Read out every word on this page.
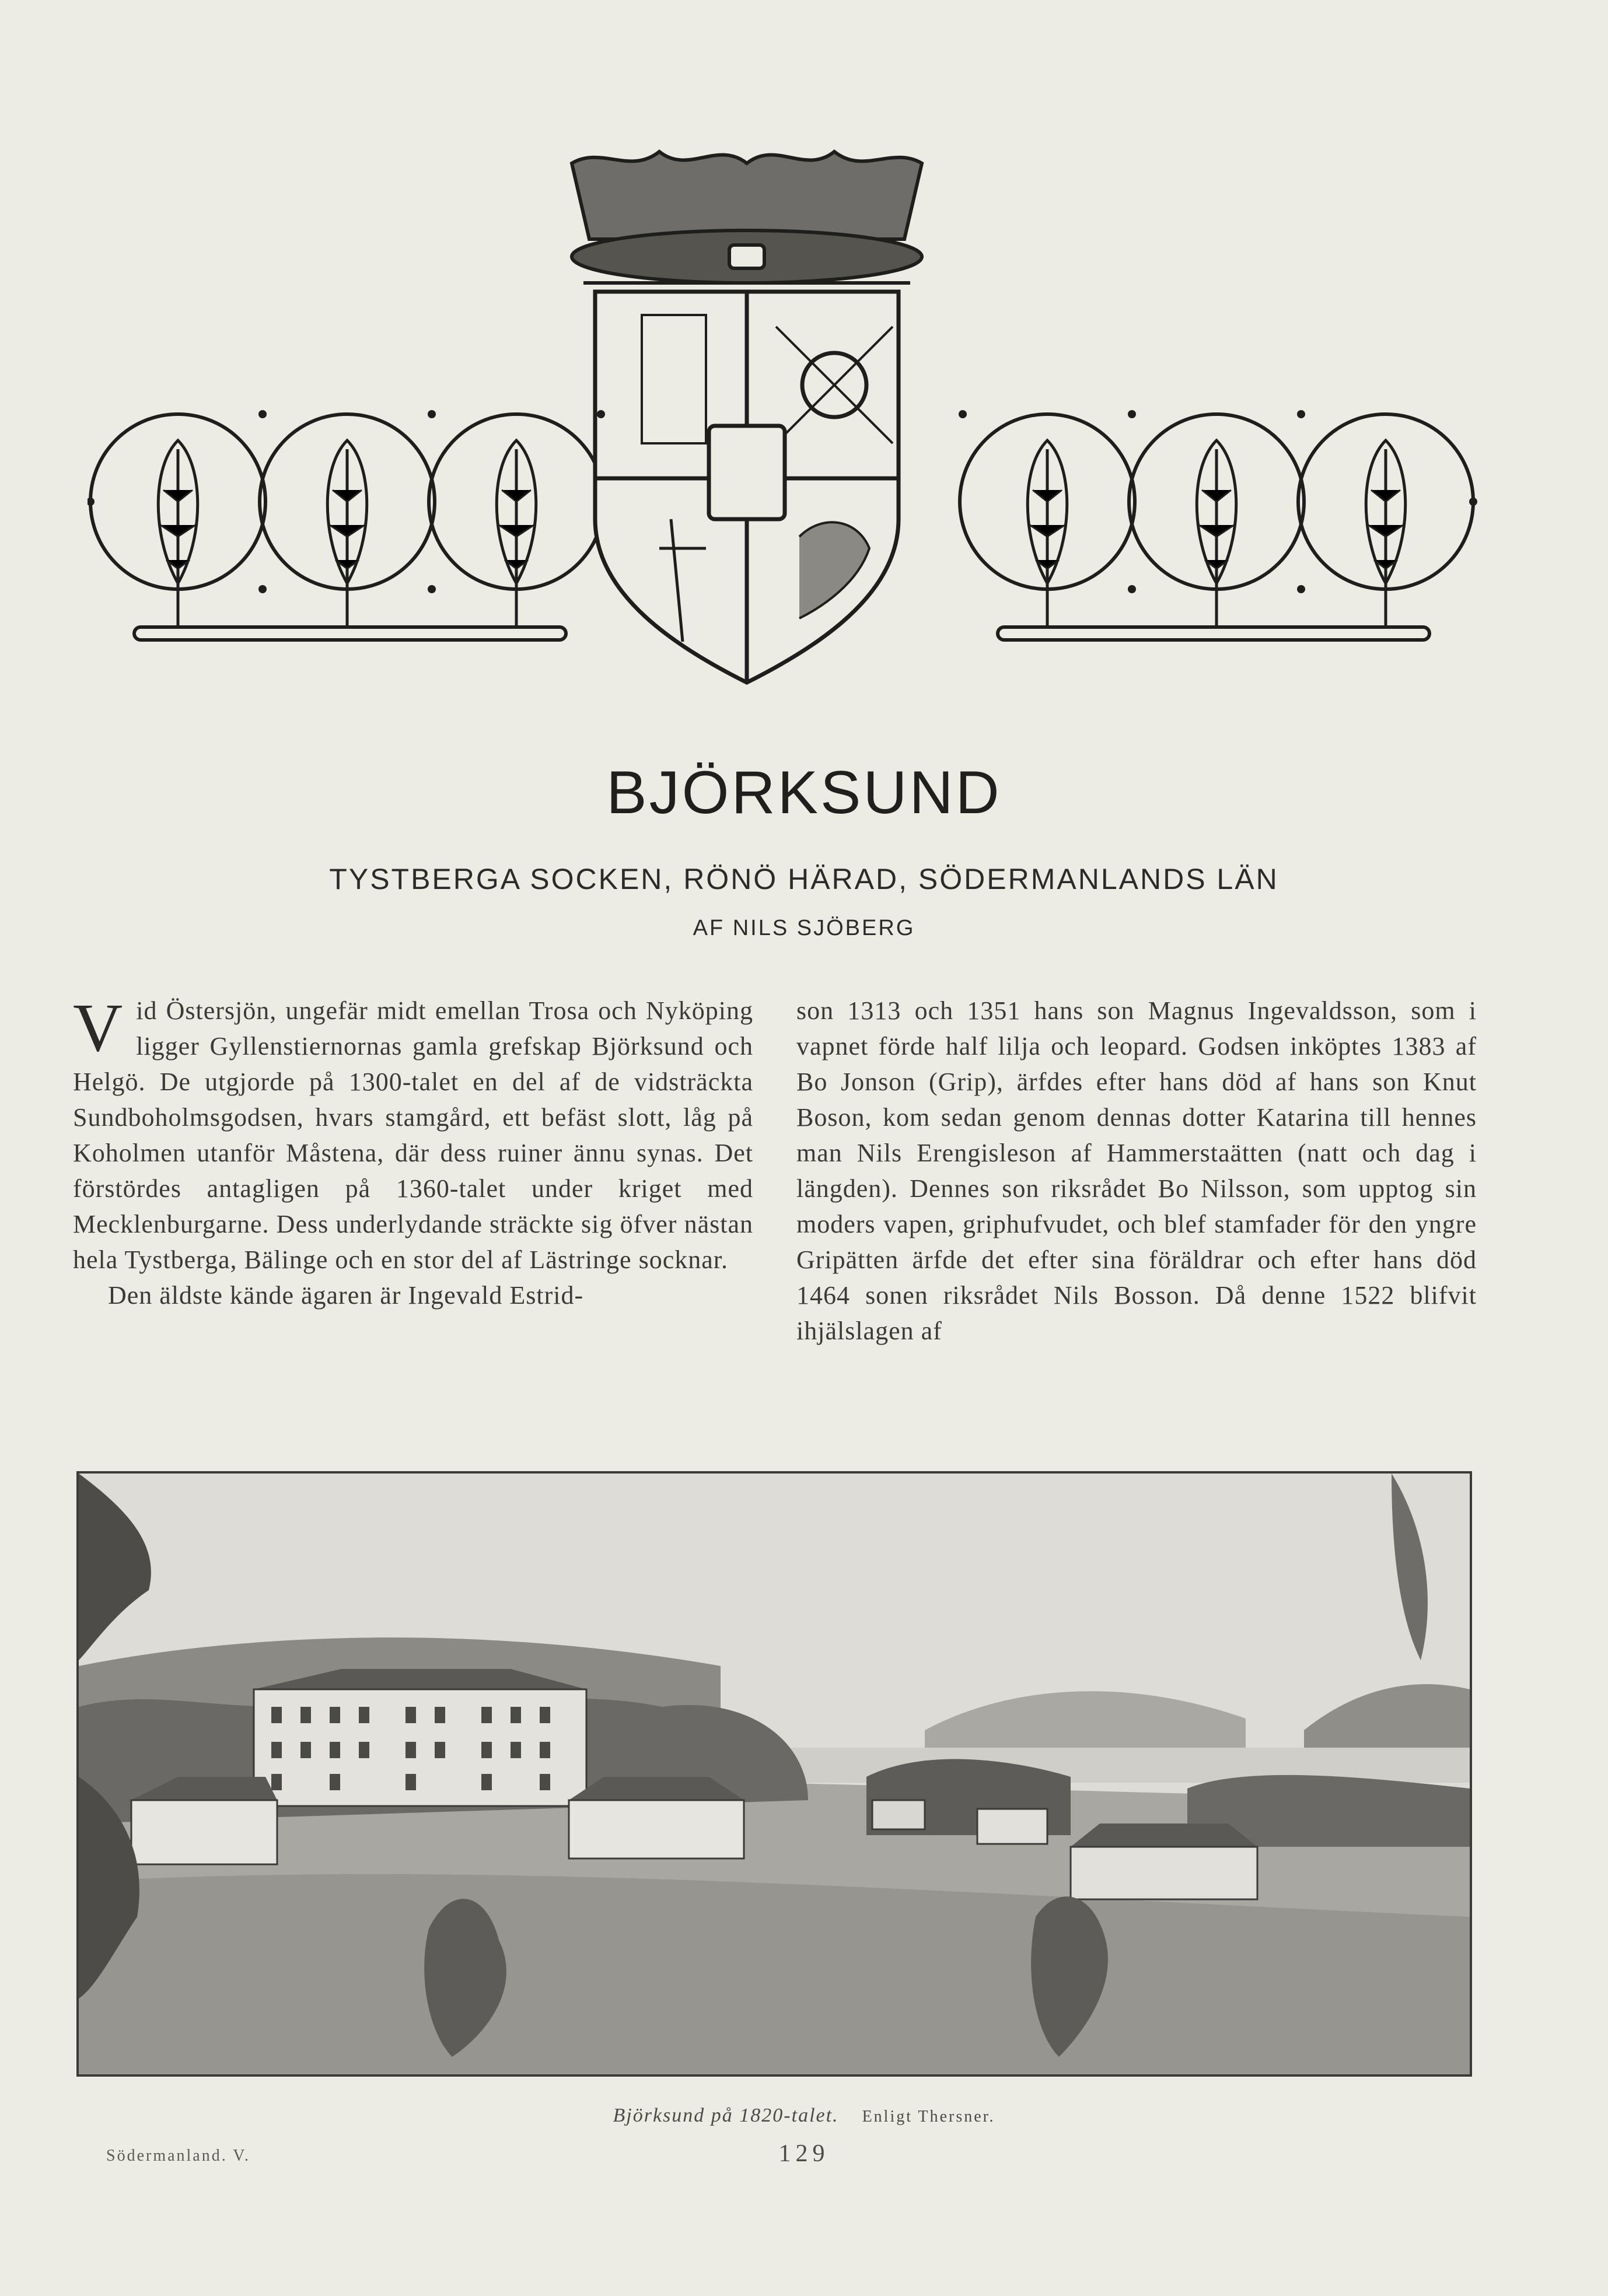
BJÖRKSUND
TYSTBERGA SOCKEN, RÖNÖ HÄRAD, SÖDERMANLANDS LÄN
AF NILS SJÖBERG

Vid Östersjön, ungefär midt emellan Trosa och Nyköping ligger Gyllenstiernornas gamla grefskap Björksund och Helgö. De utgjorde på 1300-talet en del af de vidsträckta Sundboholmsgodsen, hvars stamgård, ett befäst slott, låg på Koholmen utanför Måstena, där dess ruiner ännu synas. Det förstördes antagligen på 1360-talet under kriget med Mecklenburgarne. Dess underlydande sträckte sig öfver nästan hela Tystberga, Bälinge och en stor del af Lästringe socknar.

Den äldste kände ägaren är Ingevald Estrid-

son 1313 och 1351 hans son Magnus Ingevaldsson, som i vapnet förde half lilja och leopard. Godsen inköptes 1383 af Bo Jonson (Grip), ärfdes efter hans död af hans son Knut Boson, kom sedan genom dennas dotter Katarina till hennes man Nils Erengisleson af Hammerstaätten (natt och dag i längden). Dennes son riksrådet Bo Nilsson, som upptog sin moders vapen, griphufvudet, och blef stamfader för den yngre Gripätten ärfde det efter sina föräldrar och efter hans död 1464 sonen riksrådet Nils Bosson. Då denne 1522 blifvit ihjälslagen af

Björksund på 1820-talet. Enligt Thersner.
Södermanland. V.	129
